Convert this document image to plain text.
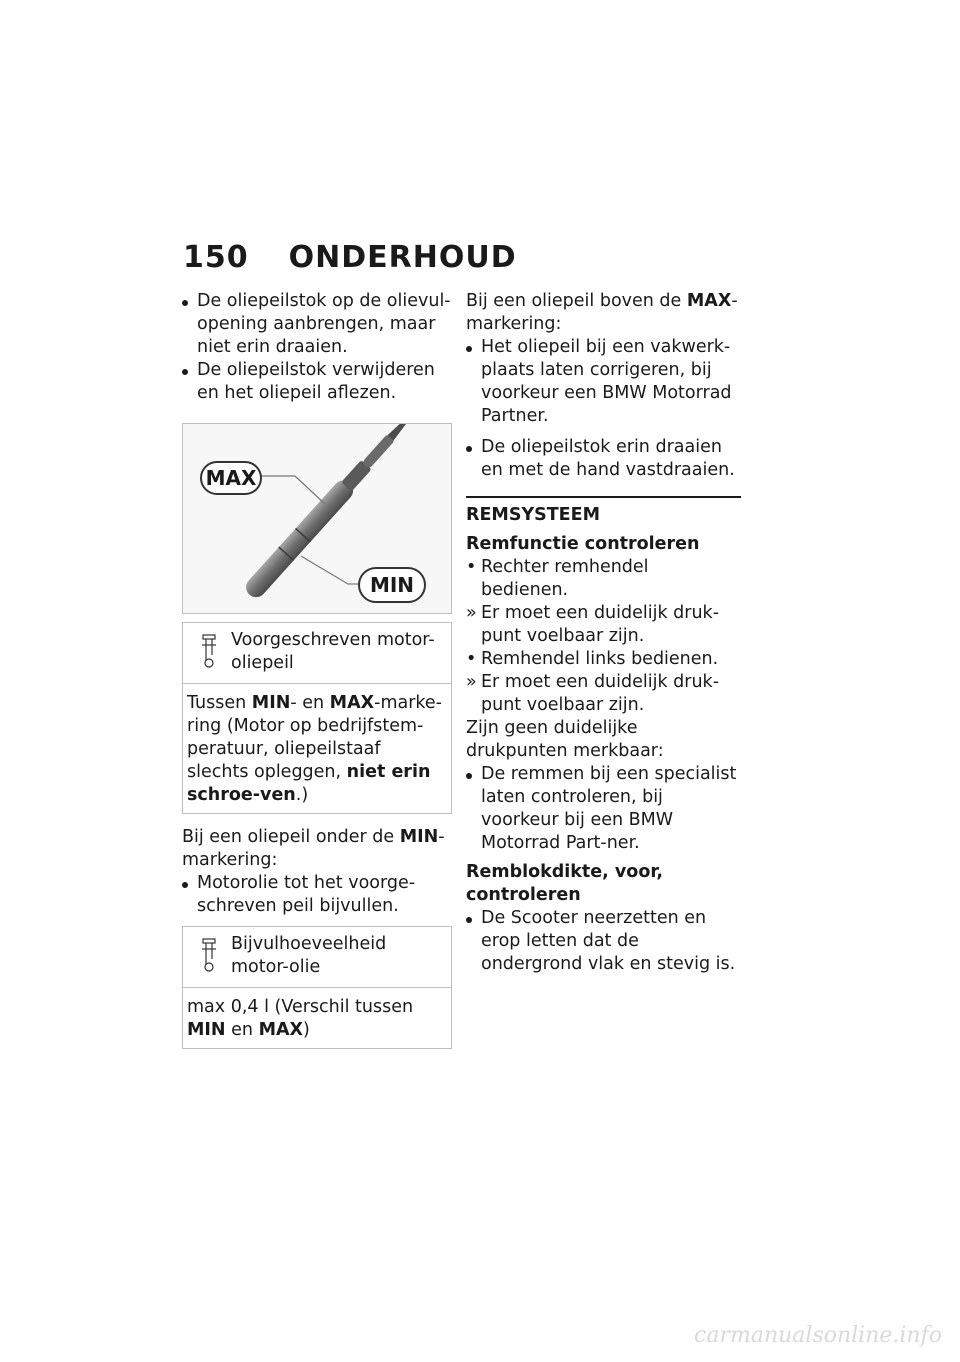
150 ONDERHOUD
De oliepeilstok op de olievul-opening aanbrengen, maar niet erin draaien.
De oliepeilstok verwijderen en het oliepeil aflezen.
MAX
MIN
Voorgeschreven motor-oliepeil
Tussen MIN- en MAX-marke-ring (Motor op bedrijfstem-peratuur, oliepeilstaaf slechts opleggen, niet erin schroe-ven.)

Bij een oliepeil onder de MIN-markering:

Motorolie tot het voorge-schreven peil bijvullen.
Bijvulhoeveelheid motor-olie
max 0,4 l (Verschil tussen MIN en MAX)

Bij een oliepeil boven de MAX-markering:

Het oliepeil bij een vakwerk-plaats laten corrigeren, bij voorkeur een BMW Motorrad Partner.
De oliepeilstok erin draaien en met de hand vastdraaien.
REMSYSTEEM
Remfunctie controleren
• Rechter remhendel bedienen.
» Er moet een duidelijk druk-punt voelbaar zijn.
• Remhendel links bedienen.
» Er moet een duidelijk druk-punt voelbaar zijn.

Zijn geen duidelijke drukpunten merkbaar:

De remmen bij een specialist laten controleren, bij voorkeur bij een BMW Motorrad Part-ner.
Remblokdikte, voor, controleren
De Scooter neerzetten en erop letten dat de ondergrond vlak en stevig is.
carmanualsonline.info
